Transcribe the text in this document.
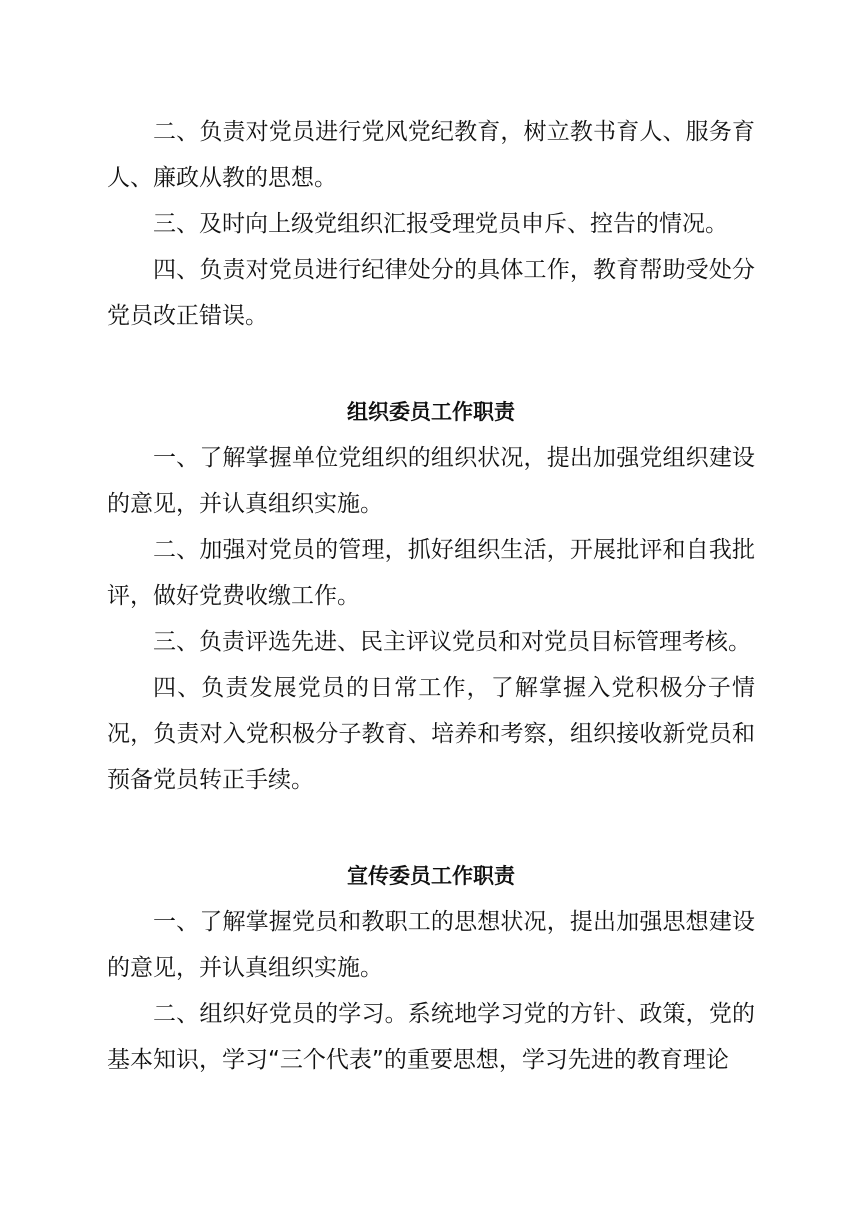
二、负责对党员进行党风党纪教育，树立教书育人、服务育人、廉政从教的思想。

三、及时向上级党组织汇报受理党员申斥、控告的情况。

四、负责对党员进行纪律处分的具体工作，教育帮助受处分党员改正错误。

组织委员工作职责

一、了解掌握单位党组织的组织状况，提出加强党组织建设的意见，并认真组织实施。

二、加强对党员的管理，抓好组织生活，开展批评和自我批评，做好党费收缴工作。

三、负责评选先进、民主评议党员和对党员目标管理考核。

四、负责发展党员的日常工作，了解掌握入党积极分子情况，负责对入党积极分子教育、培养和考察，组织接收新党员和预备党员转正手续。

宣传委员工作职责

一、了解掌握党员和教职工的思想状况，提出加强思想建设的意见，并认真组织实施。

二、组织好党员的学习。系统地学习党的方针、政策，党的基本知识，学习“三个代表”的重要思想，学习先进的教育理论
